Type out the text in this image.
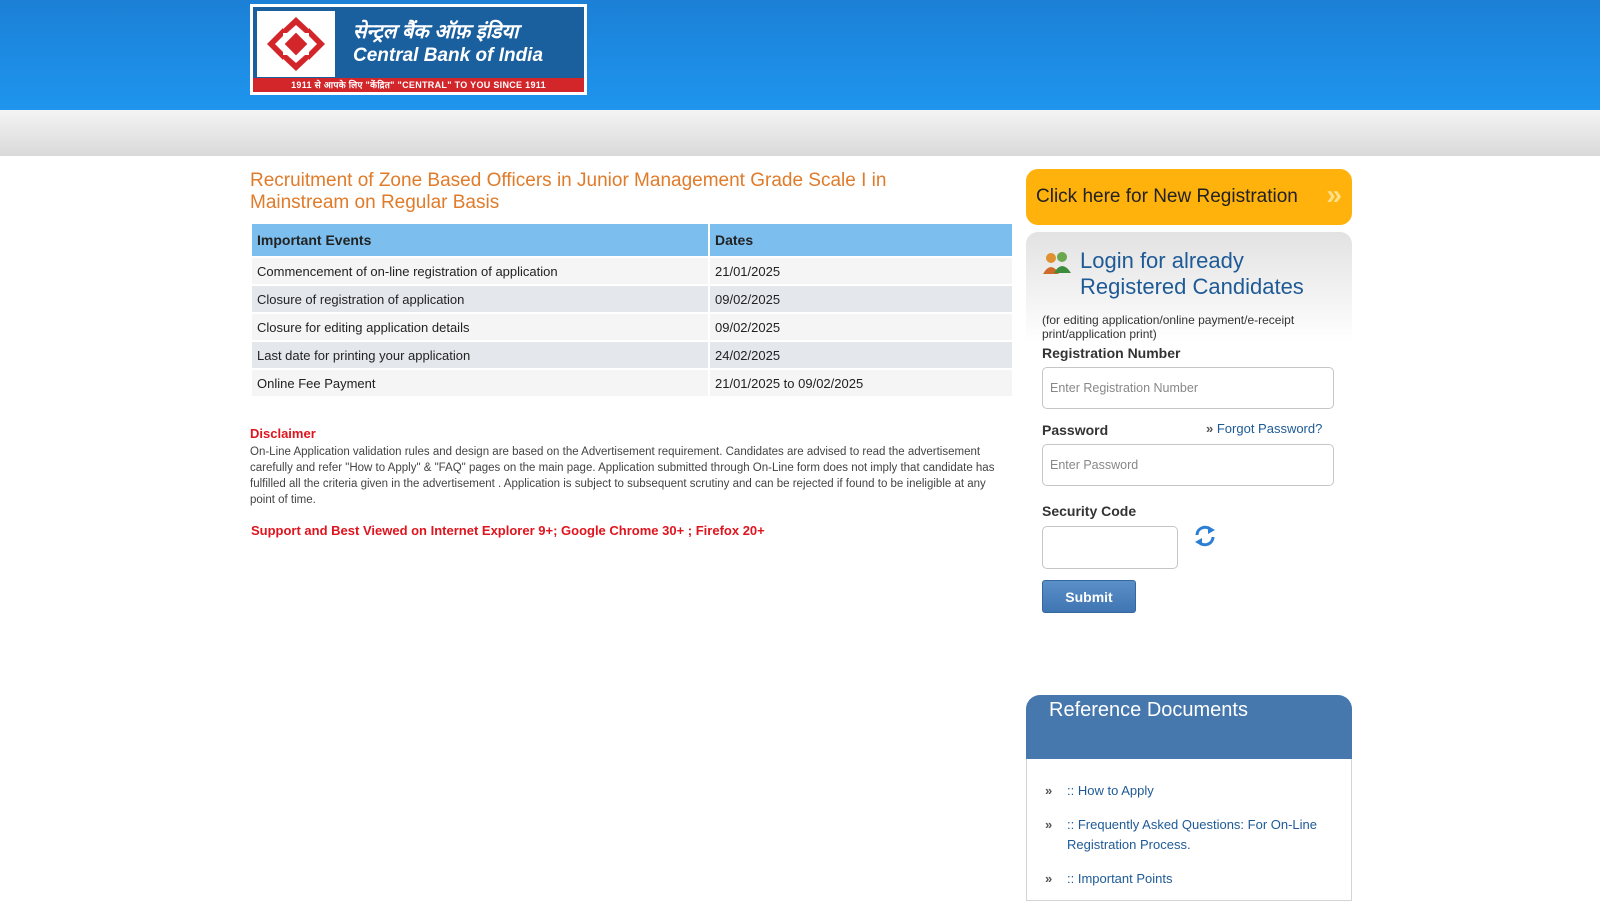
सेन्ट्रल बैंक ऑफ़ इंडिया
Central Bank of India
1911 से आपके लिए "केंद्रित" "CENTRAL" TO YOU SINCE 1911
Recruitment of Zone Based Officers in Junior Management Grade Scale I in Mainstream on Regular Basis
Important Events	Dates
Commencement of on-line registration of application	21/01/2025
Closure of registration of application	09/02/2025
Closure for editing application details	09/02/2025
Last date for printing your application	24/02/2025
Online Fee Payment	21/01/2025 to 09/02/2025
Disclaimer
On-Line Application validation rules and design are based on the Advertisement requirement. Candidates are advised to read the advertisement carefully and refer "How to Apply" & "FAQ" pages on the main page. Application submitted through On-Line form does not imply that candidate has fulfilled all the criteria given in the advertisement . Application is subject to subsequent scrutiny and can be rejected if found to be ineligible at any point of time.
Support and Best Viewed on Internet Explorer 9+; Google Chrome 30+ ; Firefox 20+
Click here for New Registration »
Login for already Registered Candidates
(for editing application/online payment/e-receipt print/application print)
Registration Number
Enter Registration Number
Password	» Forgot Password?
Security Code
Submit
Reference Documents
» :: How to Apply
» :: Frequently Asked Questions: For On-Line Registration Process.
» :: Important Points
